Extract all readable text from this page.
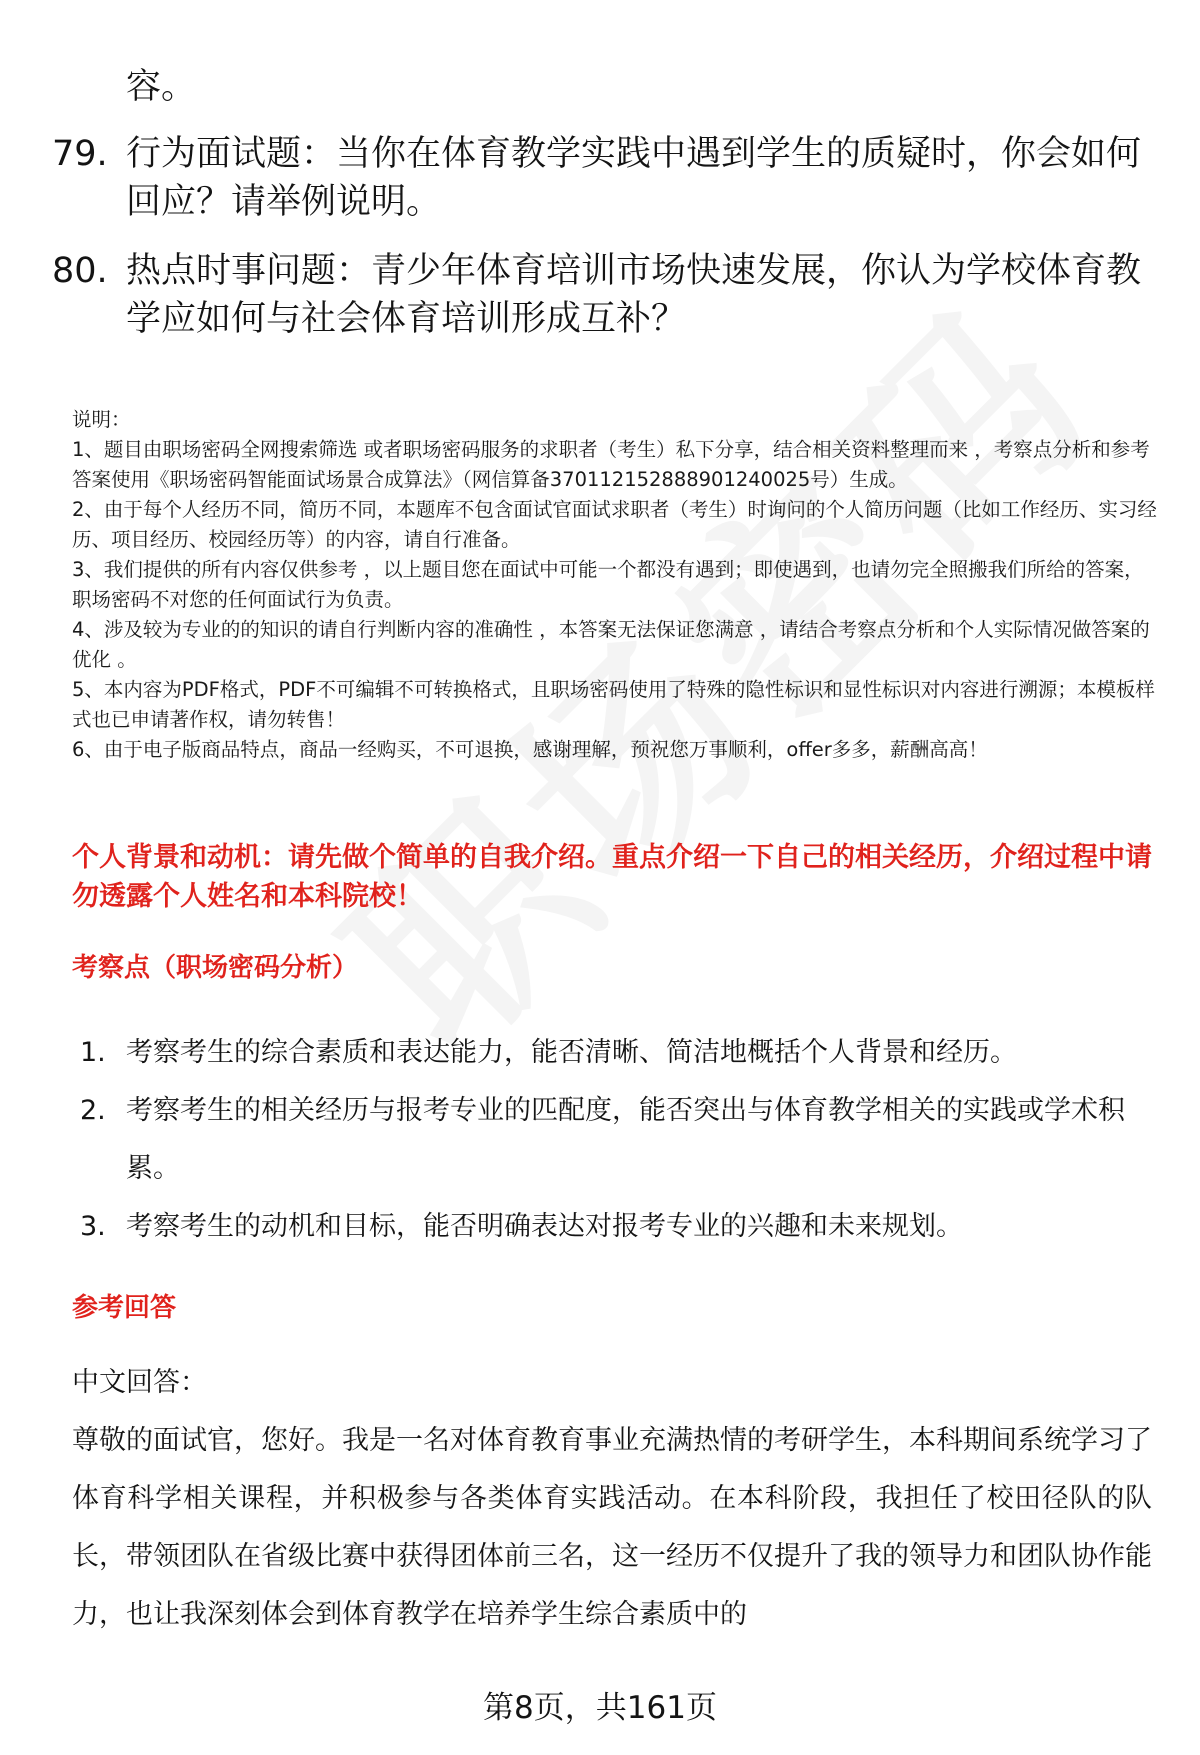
容。
79. 行为面试题：当你在体育教学实践中遇到学生的质疑时，你会如何回应？请举例说明。
80. 热点时事问题：青少年体育培训市场快速发展，你认为学校体育教学应如何与社会体育培训形成互补？

说明：

1、题目由职场密码全网搜索筛选 或者职场密码服务的求职者（考生）私下分享，结合相关资料整理而来 ，考察点分析和参考答案使用《职场密码智能面试场景合成算法》（网信算备370112152888901240025号）生成。

2、由于每个人经历不同，简历不同，本题库不包含面试官面试求职者（考生）时询问的个人简历问题（比如工作经历、实习经历、项目经历、校园经历等）的内容，请自行准备。

3、我们提供的所有内容仅供参考 ，以上题目您在面试中可能一个都没有遇到；即使遇到，也请勿完全照搬我们所给的答案，职场密码不对您的任何面试行为负责。

4、涉及较为专业的的知识的请自行判断内容的准确性 ，本答案无法保证您满意 ，请结合考察点分析和个人实际情况做答案的优化 。

5、本内容为PDF格式，PDF不可编辑不可转换格式，且职场密码使用了特殊的隐性标识和显性标识对内容进行溯源；本模板样式也已申请著作权，请勿转售！

6、由于电子版商品特点，商品一经购买，不可退换，感谢理解，预祝您万事顺利，offer多多，薪酬高高！

个人背景和动机：请先做个简单的自我介绍。重点介绍一下自己的相关经历，介绍过程中请勿透露个人姓名和本科院校！
考察点（职场密码分析）
1. 考察考生的综合素质和表达能力，能否清晰、简洁地概括个人背景和经历。
2. 考察考生的相关经历与报考专业的匹配度，能否突出与体育教学相关的实践或学术积累。
3. 考察考生的动机和目标，能否明确表达对报考专业的兴趣和未来规划。
参考回答
中文回答：
尊敬的面试官，您好。我是一名对体育教育事业充满热情的考研学生，本科期间系统学习了体育科学相关课程，并积极参与各类体育实践活动。在本科阶段，我担任了校田径队的队长，带领团队在省级比赛中获得团体前三名，这一经历不仅提升了我的领导力和团队协作能力，也让我深刻体会到体育教学在培养学生综合素质中的
第8页，共161页
